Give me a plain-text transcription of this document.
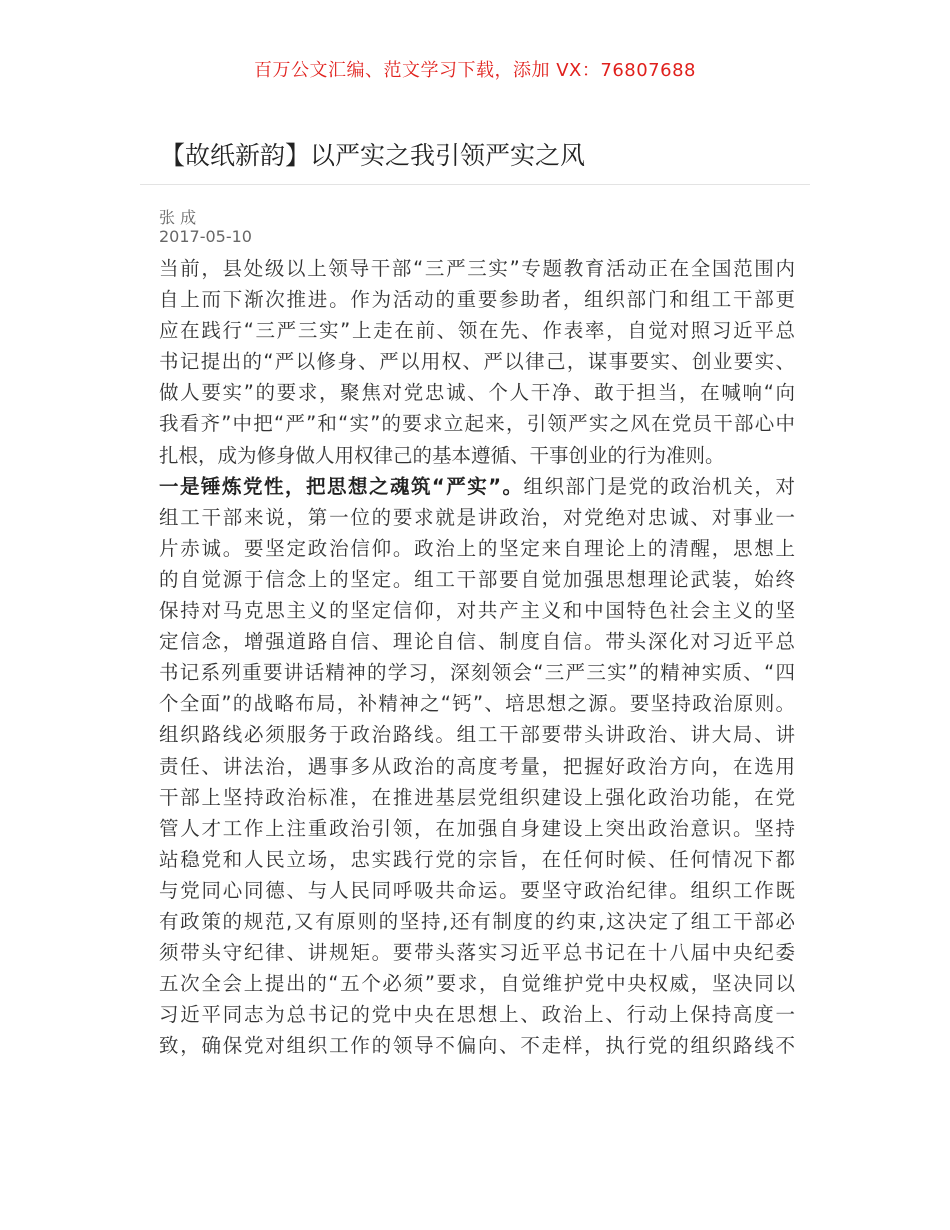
百万公文汇编、范文学习下载，添加 VX：76807688
【故纸新韵】以严实之我引领严实之风
张 成
2017-05-10
当前，县处级以上领导干部“三严三实”专题教育活动正在全国范围内
自上而下渐次推进。作为活动的重要参助者，组织部门和组工干部更
应在践行“三严三实”上走在前、领在先、作表率，自觉对照习近平总
书记提出的“严以修身、严以用权、严以律己，谋事要实、创业要实、
做人要实”的要求，聚焦对党忠诚、个人干净、敢于担当，在喊响“向
我看齐”中把“严”和“实”的要求立起来，引领严实之风在党员干部心中
扎根，成为修身做人用权律己的基本遵循、干事创业的行为准则。
一是锤炼党性，把思想之魂筑“严实”。组织部门是党的政治机关，对
组工干部来说，第一位的要求就是讲政治，对党绝对忠诚、对事业一
片赤诚。要坚定政治信仰。政治上的坚定来自理论上的清醒，思想上
的自觉源于信念上的坚定。组工干部要自觉加强思想理论武装，始终
保持对马克思主义的坚定信仰，对共产主义和中国特色社会主义的坚
定信念，增强道路自信、理论自信、制度自信。带头深化对习近平总
书记系列重要讲话精神的学习，深刻领会“三严三实”的精神实质、“四
个全面”的战略布局，补精神之“钙”、培思想之源。要坚持政治原则。
组织路线必须服务于政治路线。组工干部要带头讲政治、讲大局、讲
责任、讲法治，遇事多从政治的高度考量，把握好政治方向，在选用
干部上坚持政治标准，在推进基层党组织建设上强化政治功能，在党
管人才工作上注重政治引领，在加强自身建设上突出政治意识。坚持
站稳党和人民立场，忠实践行党的宗旨，在任何时候、任何情况下都
与党同心同德、与人民同呼吸共命运。要坚守政治纪律。组织工作既
有政策的规范,又有原则的坚持,还有制度的约束,这决定了组工干部必
须带头守纪律、讲规矩。要带头落实习近平总书记在十八届中央纪委
五次全会上提出的“五个必须”要求，自觉维护党中央权威，坚决同以
习近平同志为总书记的党中央在思想上、政治上、行动上保持高度一
致，确保党对组织工作的领导不偏向、不走样，执行党的组织路线不
